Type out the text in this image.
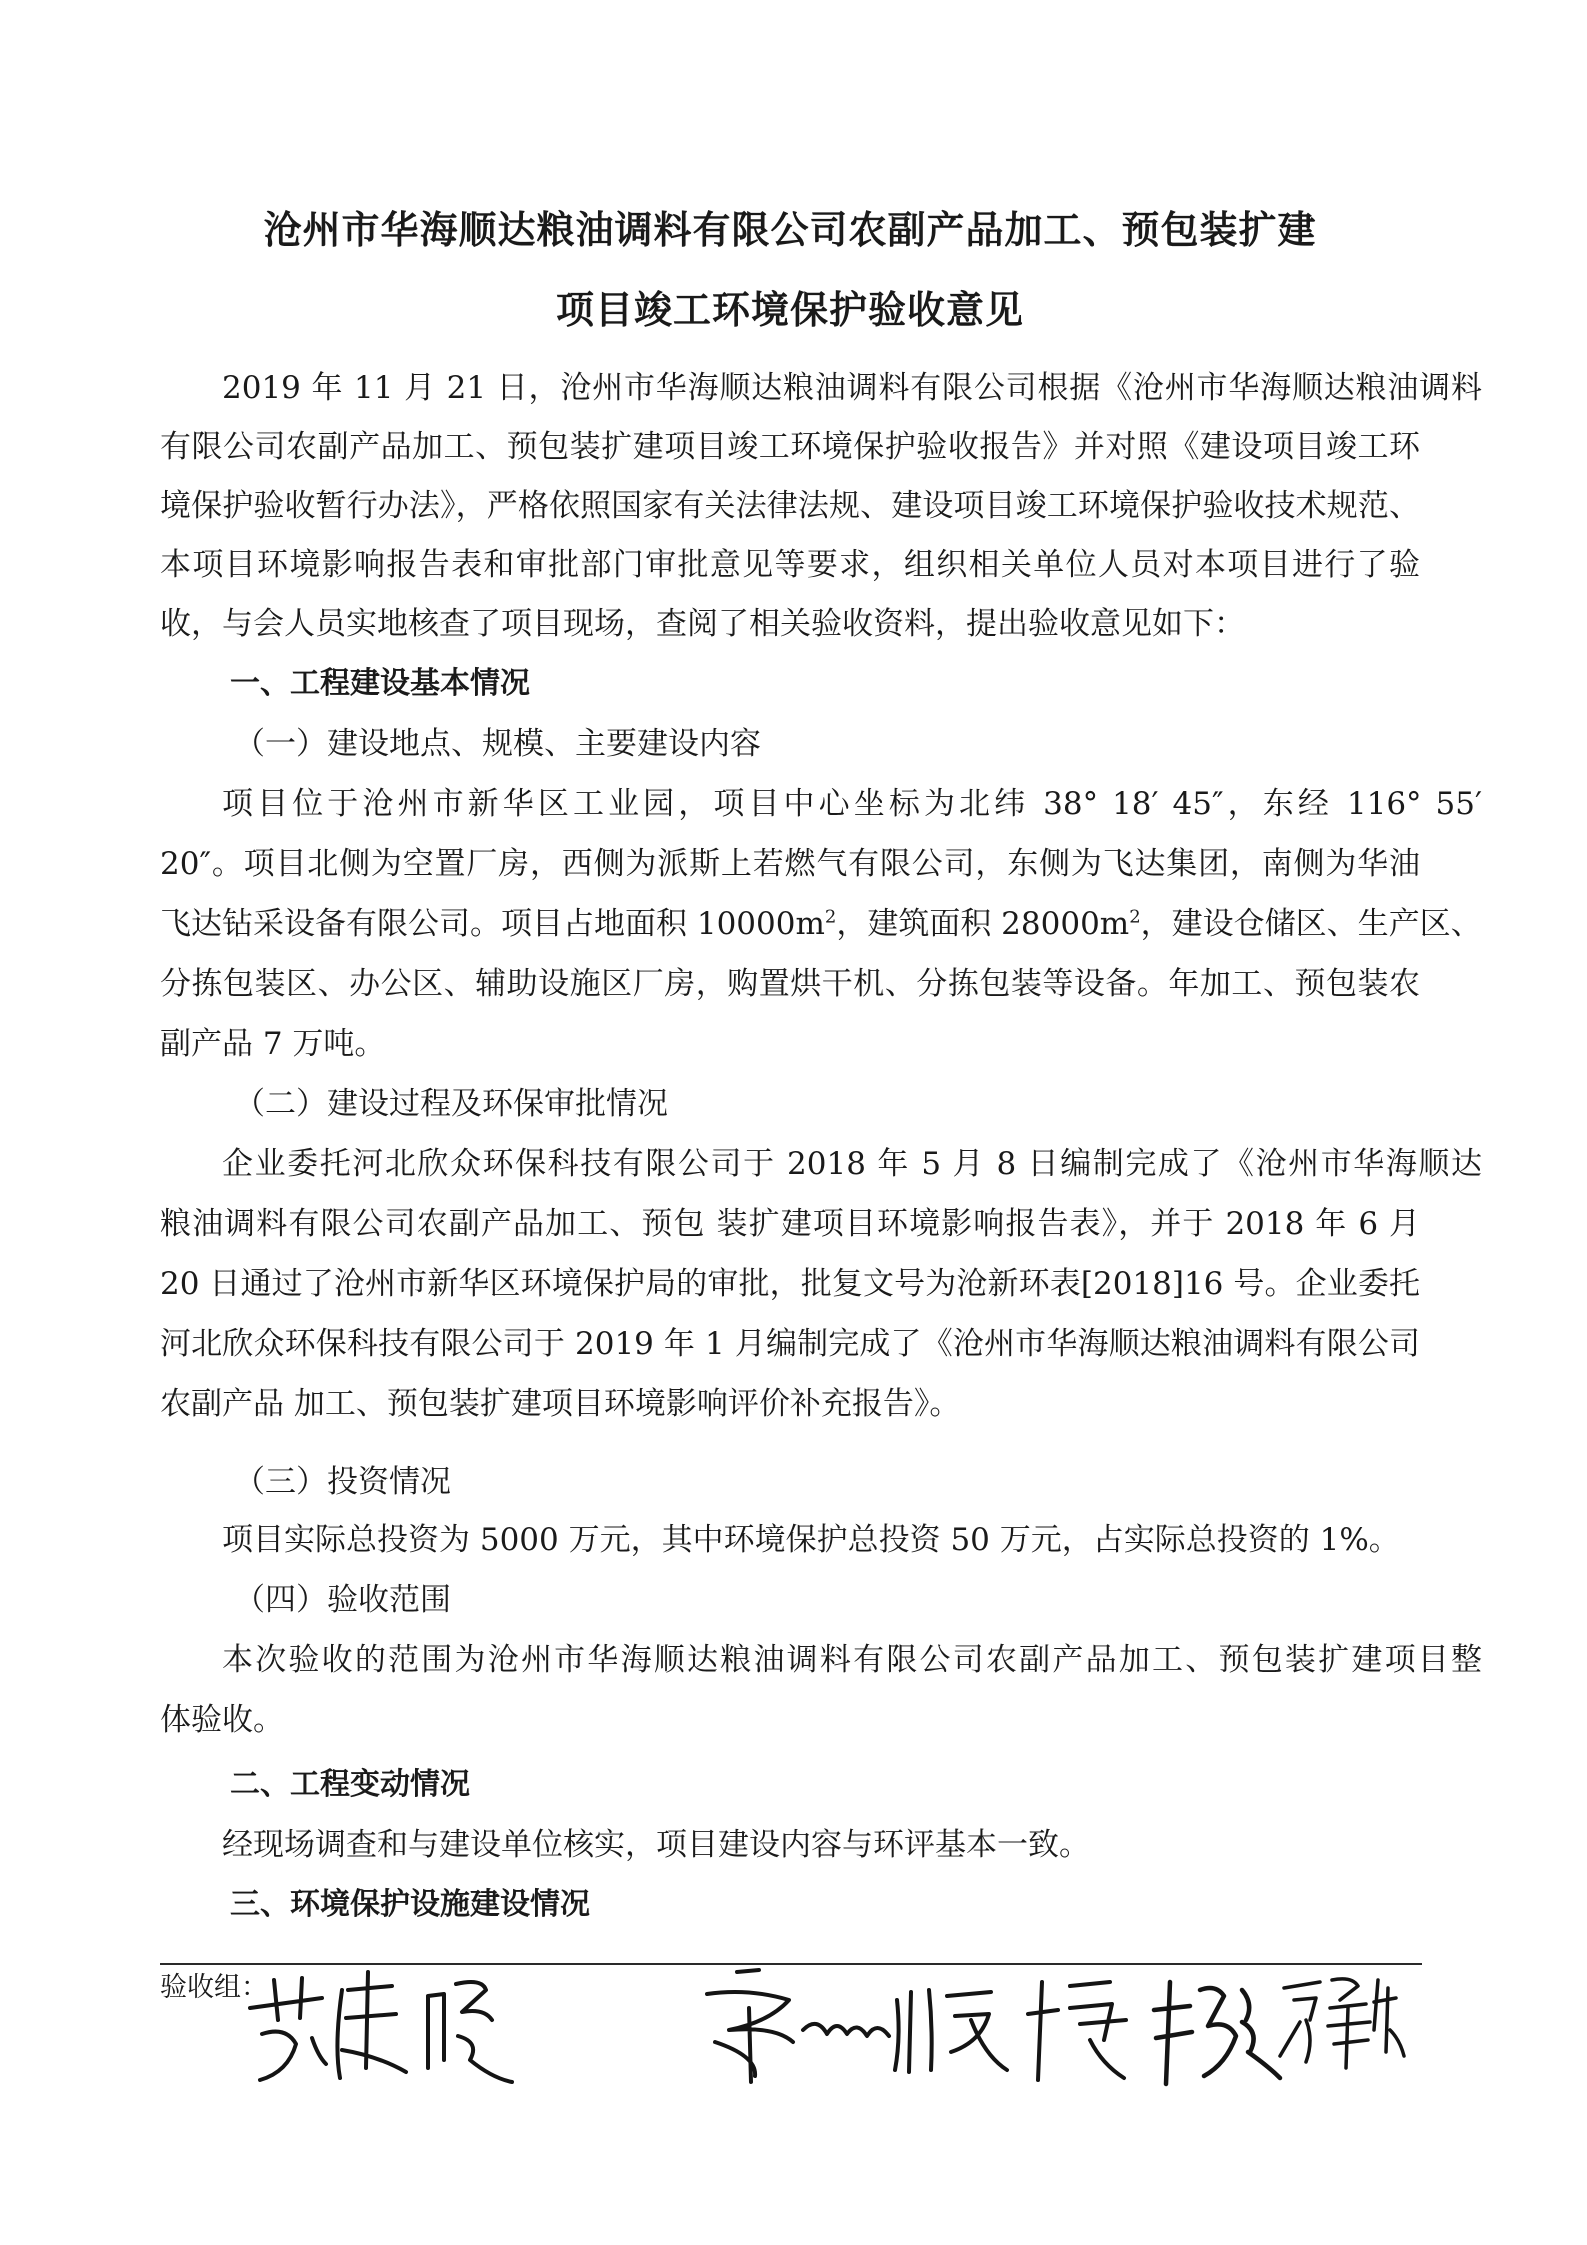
沧州市华海顺达粮油调料有限公司农副产品加工、预包装扩建
项目竣工环境保护验收意见
2019 年 11 月 21 日，沧州市华海顺达粮油调料有限公司根据《沧州市华海顺达粮油调料
有限公司农副产品加工、预包装扩建项目竣工环境保护验收报告》并对照《建设项目竣工环
境保护验收暂行办法》，严格依照国家有关法律法规、建设项目竣工环境保护验收技术规范、
本项目环境影响报告表和审批部门审批意见等要求，组织相关单位人员对本项目进行了验
收，与会人员实地核查了项目现场，查阅了相关验收资料，提出验收意见如下：
一、工程建设基本情况
（一）建设地点、规模、主要建设内容
项目位于沧州市新华区工业园，项目中心坐标为北纬 38° 18′ 45″，东经 116° 55′
20″。项目北侧为空置厂房，西侧为派斯上若燃气有限公司，东侧为飞达集团，南侧为华油
飞达钻采设备有限公司。项目占地面积 $10000m^2$，建筑面积 $28000m^2$，建设仓储区、生产区、
分拣包装区、办公区、辅助设施区厂房，购置烘干机、分拣包装等设备。年加工、预包装农
副产品 7 万吨。
（二）建设过程及环保审批情况
企业委托河北欣众环保科技有限公司于 2018 年 5 月 8 日编制完成了《沧州市华海顺达
粮油调料有限公司农副产品加工、预包 装扩建项目环境影响报告表》，并于 2018 年 6 月
20 日通过了沧州市新华区环境保护局的审批，批复文号为沧新环表[2018]16 号。企业委托
河北欣众环保科技有限公司于 2019 年 1 月编制完成了《沧州市华海顺达粮油调料有限公司
农副产品 加工、预包装扩建项目环境影响评价补充报告》。
（三）投资情况
项目实际总投资为 5000 万元，其中环境保护总投资 50 万元，占实际总投资的 1%。
（四）验收范围
本次验收的范围为沧州市华海顺达粮油调料有限公司农副产品加工、预包装扩建项目整
体验收。
二、工程变动情况
经现场调查和与建设单位核实，项目建设内容与环评基本一致。
三、环境保护设施建设情况
验收组：
